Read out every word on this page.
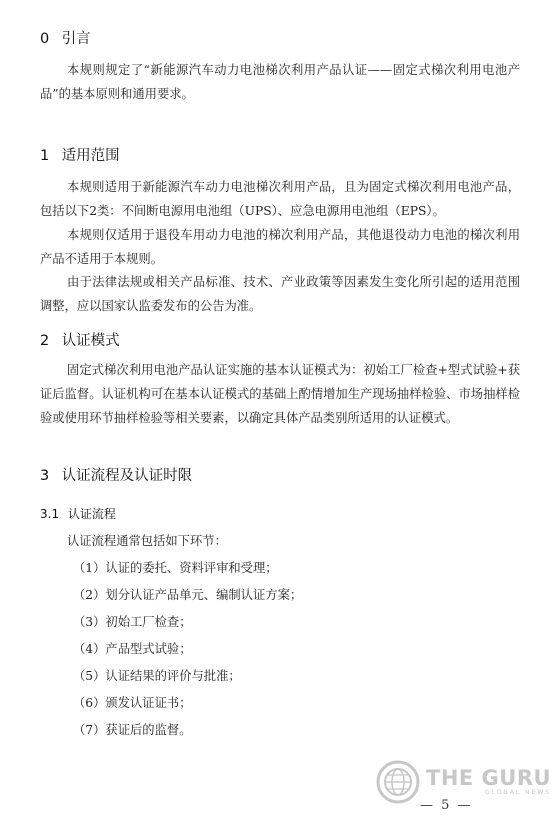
0 引言

本规则规定了“新能源汽车动力电池梯次利用产品认证——固定式梯次利用电池产品”的基本原则和通用要求。

1 适用范围

本规则适用于新能源汽车动力电池梯次利用产品，且为固定式梯次利用电池产品，包括以下2类：不间断电源用电池组（UPS）、应急电源用电池组（EPS）。

本规则仅适用于退役车用动力电池的梯次利用产品，其他退役动力电池的梯次利用产品不适用于本规则。

由于法律法规或相关产品标准、技术、产业政策等因素发生变化所引起的适用范围调整，应以国家认监委发布的公告为准。

2 认证模式

固定式梯次利用电池产品认证实施的基本认证模式为：初始工厂检查+型式试验+获证后监督。认证机构可在基本认证模式的基础上酌情增加生产现场抽样检验、市场抽样检验或使用环节抽样检验等相关要素，以确定具体产品类别所适用的认证模式。

3 认证流程及认证时限
3.1 认证流程
认证流程通常包括如下环节：
（1）认证的委托、资料评审和受理；
（2）划分认证产品单元、编制认证方案；
（3）初始工厂检查；
（4）产品型式试验；
（5）认证结果的评价与批准；
（6）颁发认证证书；
（7）获证后的监督。
THE GURU
GLOBAL NEWS
— 5 —
